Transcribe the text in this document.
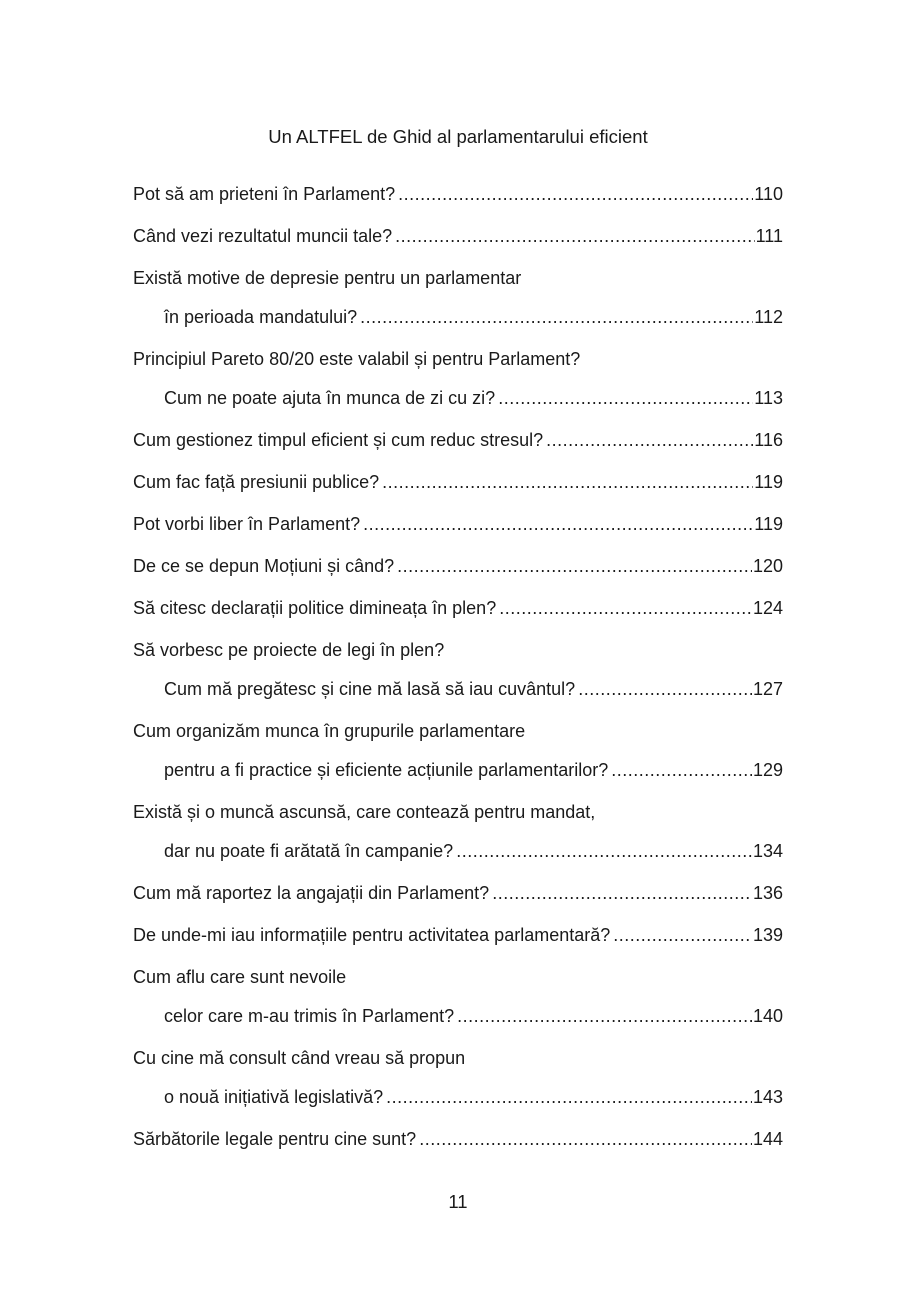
Un ALTFEL de Ghid al parlamentarului eficient
Pot să am prieteni în Parlament? .....	110
Când vezi rezultatul muncii tale? .....	111
Există motive de depresie pentru un parlamentar
în perioada mandatului? .....	112
Principiul Pareto 80/20 este valabil și pentru Parlament?
Cum ne poate ajuta în munca de zi cu zi? .....	113
Cum gestionez timpul eficient și cum reduc stresul? .....	116
Cum fac față presiunii publice? .....	119
Pot vorbi liber în Parlament? .....	119
De ce se depun Moțiuni și când? .....	120
Să citesc declarații politice dimineața în plen? .....	124
Să vorbesc pe proiecte de legi în plen?
Cum mă pregătesc și cine mă lasă să iau cuvântul? .....	127
Cum organizăm munca în grupurile parlamentare
pentru a fi practice și eficiente acțiunile parlamentarilor? .....	129
Există și o muncă ascunsă, care contează pentru mandat,
dar nu poate fi arătată în campanie? .....	134
Cum mă raportez la angajații din Parlament? .....	136
De unde-mi iau informațiile pentru activitatea parlamentară? .....	139
Cum aflu care sunt nevoile
celor care m-au trimis în Parlament? .....	140
Cu cine mă consult când vreau să propun
o nouă inițiativă legislativă? .....	143
Sărbătorile legale pentru cine sunt? .....	144
11
